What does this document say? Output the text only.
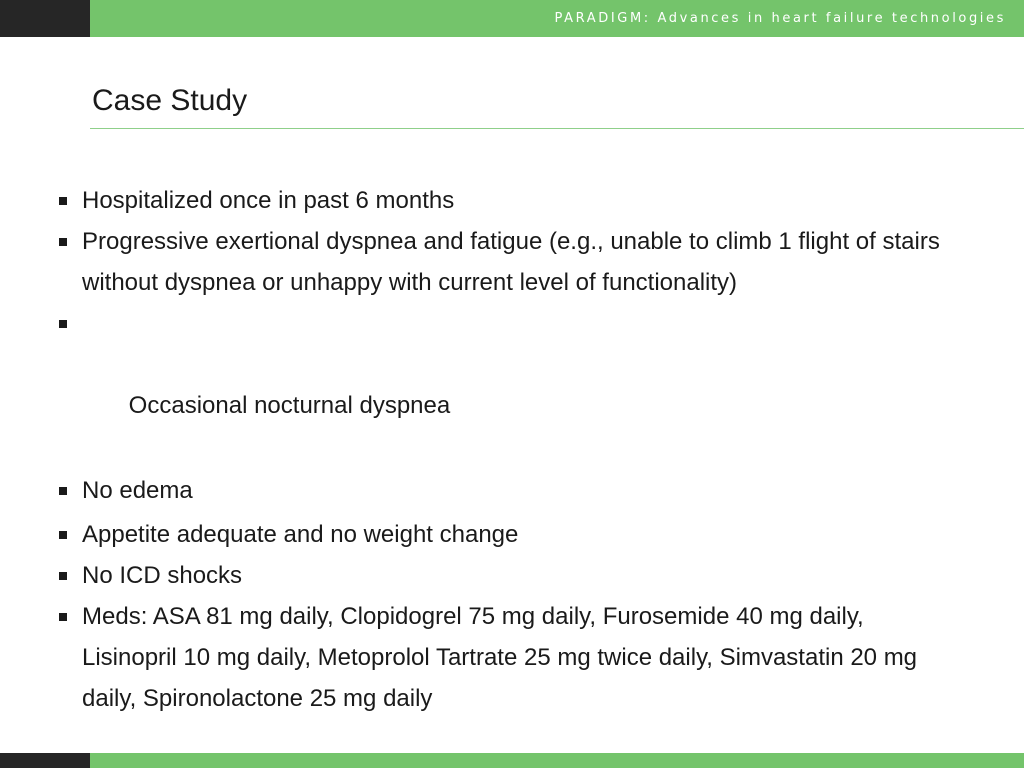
PARADIGM: Advances in heart failure technologies
Case Study
Hospitalized once in past 6 months
Progressive exertional dyspnea and fatigue (e.g., unable to climb 1 flight of stairs without dyspnea or unhappy with current level of functionality)

Occasional nocturnal dyspnea

No edema
Appetite adequate and no weight change
No ICD shocks
Meds: ASA 81 mg daily, Clopidogrel 75 mg daily, Furosemide 40 mg daily, Lisinopril 10 mg daily, Metoprolol Tartrate 25 mg twice daily, Simvastatin 20 mg daily, Spironolactone 25 mg daily
